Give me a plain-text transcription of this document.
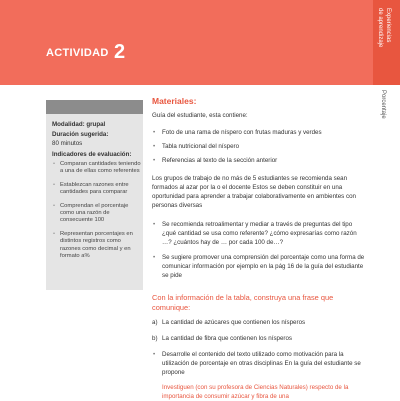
ACTIVIDAD 2
Experiencias
de aprendizaje
Porcentaje
Modalidad: grupal
Duración sugerida:
80 minutos
Indicadores de evaluación:
• Comparan cantidades teniendo a una de ellas como referentes
• Establezcan razones entre cantidades para comparar
• Comprendan el porcentaje como una razón de consecuente 100
• Representan porcentajes en distintos registros como razones como decimal y en formato a%
Materiales:
Guía del estudiante, esta contiene:
• Foto de una rama de níspero con frutas maduras y verdes
• Tabla nutricional del níspero
• Referencias al texto de la sección anterior
Los grupos de trabajo de no más de 5 estudiantes se recomienda sean formados al azar por la o el docente Estos se deben constituir en una oportunidad para aprender a trabajar colaborativamente en ambientes con personas diversas
• Se recomienda retroalimentar y mediar a través de preguntas del tipo ¿qué cantidad se usa como referente? ¿cómo expresarías como razón …? ¿cuántos hay de … por cada 100 de…?
• Se sugiere promover una comprensión del porcentaje como una forma de comunicar información por ejemplo en la pág 16 de la guía del estudiante se pide
Con la información de la tabla, construya una frase que comunique:
a) La cantidad de azúcares que contienen los nísperos
b) La cantidad de fibra que contienen los nísperos
• Desarrolle el contenido del texto utilizado como motivación para la utilización de porcentaje en otras disciplinas En la guía del estudiante se propone
Investiguen (con su profesora de Ciencias Naturales) respecto de la importancia de consumir azúcar y fibra de una
